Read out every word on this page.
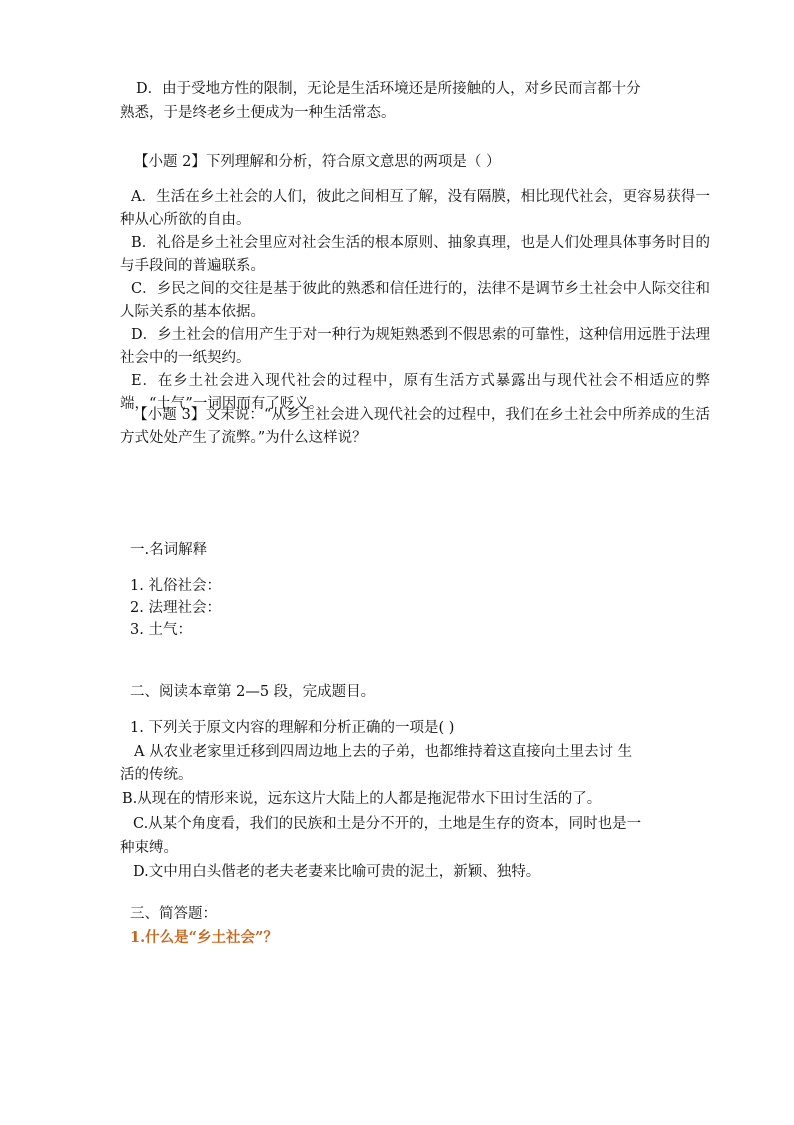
D．由于受地方性的限制，无论是生活环境还是所接触的人，对乡民而言都十分
熟悉，于是终老乡土便成为一种生活常态。
【小题 2】下列理解和分析，符合原文意思的两项是（ ）
A．生活在乡土社会的人们，彼此之间相互了解，没有隔膜，相比现代社会，更容易获得一种从心所欲的自由。
B．礼俗是乡土社会里应对社会生活的根本原则、抽象真理，也是人们处理具体事务时目的与手段间的普遍联系。
C．乡民之间的交往是基于彼此的熟悉和信任进行的，法律不是调节乡土社会中人际交往和人际关系的基本依据。
D．乡土社会的信用产生于对一种行为规矩熟悉到不假思索的可靠性，这种信用远胜于法理社会中的一纸契约。
E．在乡土社会进入现代社会的过程中，原有生活方式暴露出与现代社会不相适应的弊端，“土气”一词因而有了贬义。
【小题 3】文末说：“从乡土社会进入现代社会的过程中，我们在乡土社会中所养成的生活方式处处产生了流弊。”为什么这样说？
一.名词解释
1. 礼俗社会：
2. 法理社会：
3. 土气：
二、阅读本章第 2—5 段，完成题目。
1. 下列关于原文内容的理解和分析正确的一项是( )
A 从农业老家里迁移到四周边地上去的子弟，也都维持着这直接向土里去讨 生
活的传统。
B.从现在的情形来说，远东这片大陆上的人都是拖泥带水下田讨生活的了。
C.从某个角度看，我们的民族和土是分不开的，土地是生存的资本，同时也是一
种束缚。
D.文中用白头偕老的老夫老妻来比喻可贵的泥土，新颖、独特。
三、简答题：
1.什么是“乡土社会”？
